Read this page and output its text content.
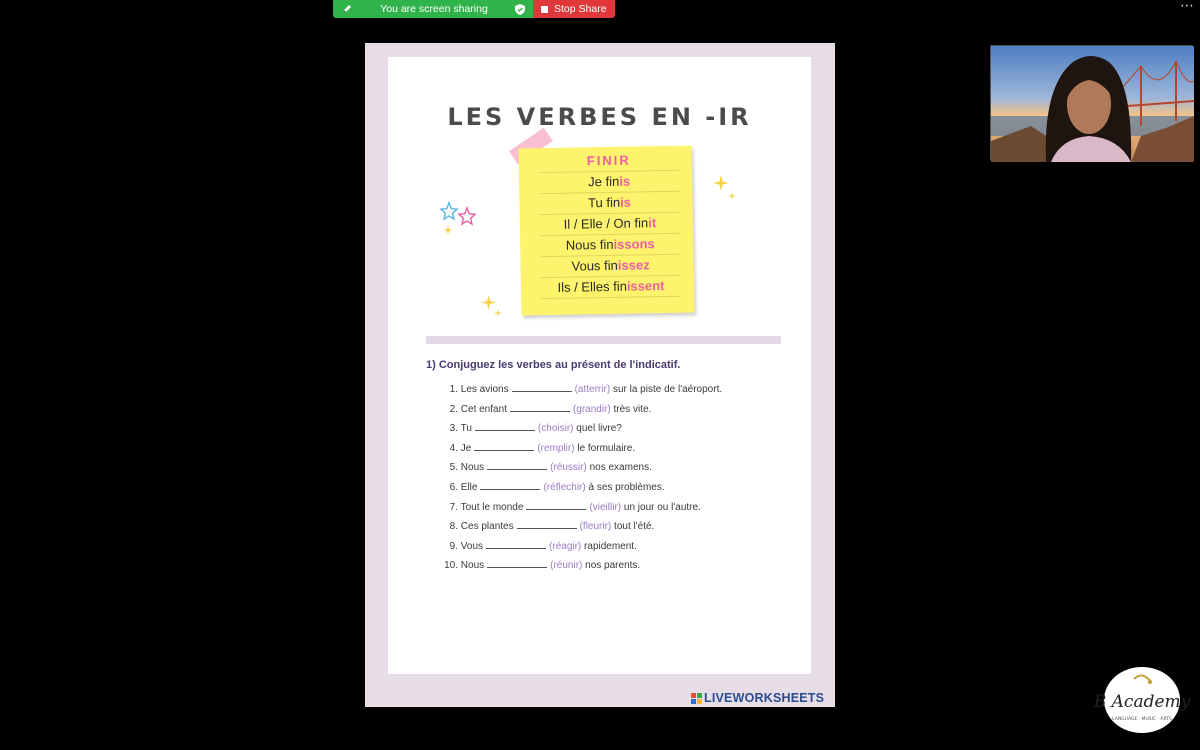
You are screen sharing	Stop Share	⋯
LES VERBES EN -IR
FINIR
Je finis
Tu finis
Il / Elle / On finit
Nous finissons
Vous finissez
Ils / Elles finissent
1) Conjuguez les verbes au présent de l'indicatif.
1. Les avions	(atterrir) sur la piste de l'aéroport.
2. Cet enfant	(grandir) très vite.
3. Tu	(choisir) quel livre?
4. Je	(remplir) le formulaire.
5. Nous	(réussir) nos examens.
6. Elle	(réflechir) à ses problèmes.
7. Tout le monde	(vieillir) un jour ou l'autre.
8. Ces plantes	(fleurir) tout l'été.
9. Vous	(réagir) rapidement.
10. Nous	(réunir) nos parents.
LIVEWORKSHEETS	B Academy
LANGUAGE · MUSIC · ARTS
